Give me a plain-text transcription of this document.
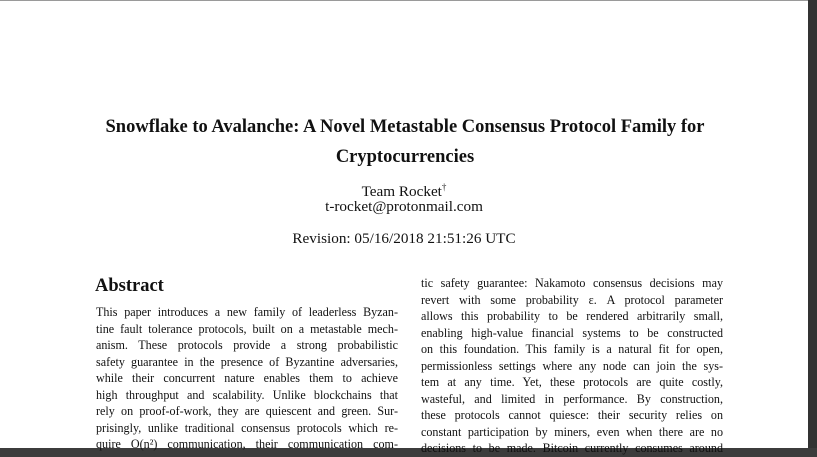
Snowflake to Avalanche: A Novel Metastable Consensus Protocol Family for
Cryptocurrencies
Team Rocket†
t-rocket@protonmail.com
Revision: 05/16/2018 21:51:26 UTC
Abstract
This paper introduces a new family of leaderless Byzan-
tine fault tolerance protocols, built on a metastable mech-
anism. These protocols provide a strong probabilistic
safety guarantee in the presence of Byzantine adversaries,
while their concurrent nature enables them to achieve
high throughput and scalability. Unlike blockchains that
rely on proof-of-work, they are quiescent and green. Sur-
prisingly, unlike traditional consensus protocols which re-
quire O(n²) communication, their communication com-
tic safety guarantee: Nakamoto consensus decisions may
revert with some probability ε. A protocol parameter
allows this probability to be rendered arbitrarily small,
enabling high-value financial systems to be constructed
on this foundation. This family is a natural fit for open,
permissionless settings where any node can join the sys-
tem at any time. Yet, these protocols are quite costly,
wasteful, and limited in performance. By construction,
these protocols cannot quiesce: their security relies on
constant participation by miners, even when there are no
decisions to be made. Bitcoin currently consumes around
